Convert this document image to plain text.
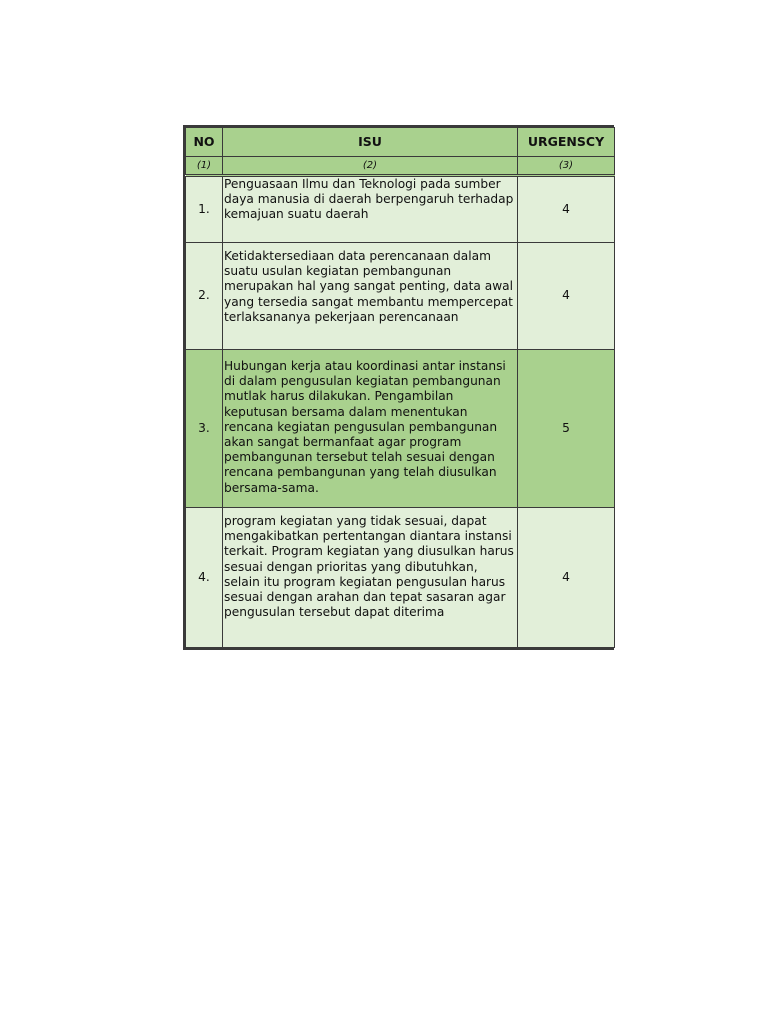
NO	ISU	URGENSCY
(1)	(2)	(3)
1.	Penguasaan Ilmu dan Teknologi pada sumber daya manusia di daerah berpengaruh terhadap kemajuan suatu daerah	4
2.	Ketidaktersediaan data perencanaan dalam suatu usulan kegiatan pembangunan merupakan hal yang sangat penting, data awal yang tersedia sangat membantu mempercepat terlaksananya pekerjaan perencanaan	4
3.	Hubungan kerja atau koordinasi antar instansi di dalam pengusulan kegiatan pembangunan mutlak harus dilakukan. Pengambilan keputusan bersama dalam menentukan rencana kegiatan pengusulan pembangunan akan sangat bermanfaat agar program pembangunan tersebut telah sesuai dengan rencana pembangunan yang telah diusulkan bersama-sama.	5
4.	program kegiatan yang tidak sesuai, dapat mengakibatkan pertentangan diantara instansi terkait. Program kegiatan yang diusulkan harus sesuai dengan prioritas yang dibutuhkan, selain itu program kegiatan pengusulan harus sesuai dengan arahan dan tepat sasaran agar pengusulan tersebut dapat diterima	4
